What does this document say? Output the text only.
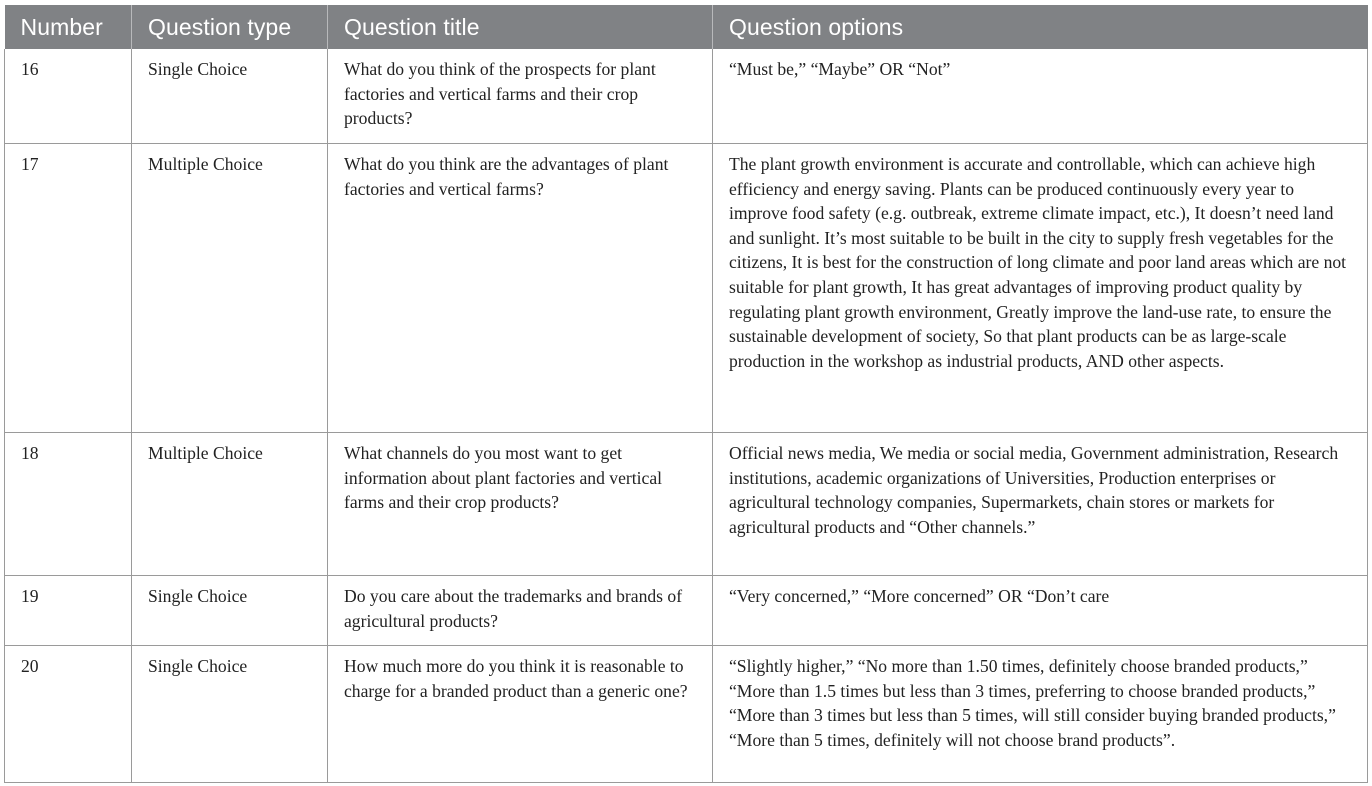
Number	Question type	Question title	Question options
16	Single Choice	What do you think of the prospects for plant factories and vertical farms and their crop products?	“Must be,” “Maybe” OR “Not”
17	Multiple Choice	What do you think are the advantages of plant factories and vertical farms?	The plant growth environment is accurate and controllable, which can achieve high efficiency and energy saving. Plants can be produced continuously every year to improve food safety (e.g. outbreak, extreme climate impact, etc.), It doesn’t need land and sunlight. It’s most suitable to be built in the city to supply fresh vegetables for the citizens, It is best for the construction of long climate and poor land areas which are not suitable for plant growth, It has great advantages of improving product quality by regulating plant growth environment, Greatly improve the land-use rate, to ensure the sustainable development of society, So that plant products can be as large-scale production in the workshop as industrial products, AND other aspects.
18	Multiple Choice	What channels do you most want to get information about plant factories and vertical farms and their crop products?	Official news media, We media or social media, Government administration, Research institutions, academic organizations of Universities, Production enterprises or agricultural technology companies, Supermarkets, chain stores or markets for agricultural products and “Other channels.”
19	Single Choice	Do you care about the trademarks and brands of agricultural products?	“Very concerned,” “More concerned” OR “Don’t care
20	Single Choice	How much more do you think it is reasonable to charge for a branded product than a generic one?	“Slightly higher,” “No more than 1.50 times, definitely choose branded products,” “More than 1.5 times but less than 3 times, preferring to choose branded products,” “More than 3 times but less than 5 times, will still consider buying branded products,” “More than 5 times, definitely will not choose brand products”.
